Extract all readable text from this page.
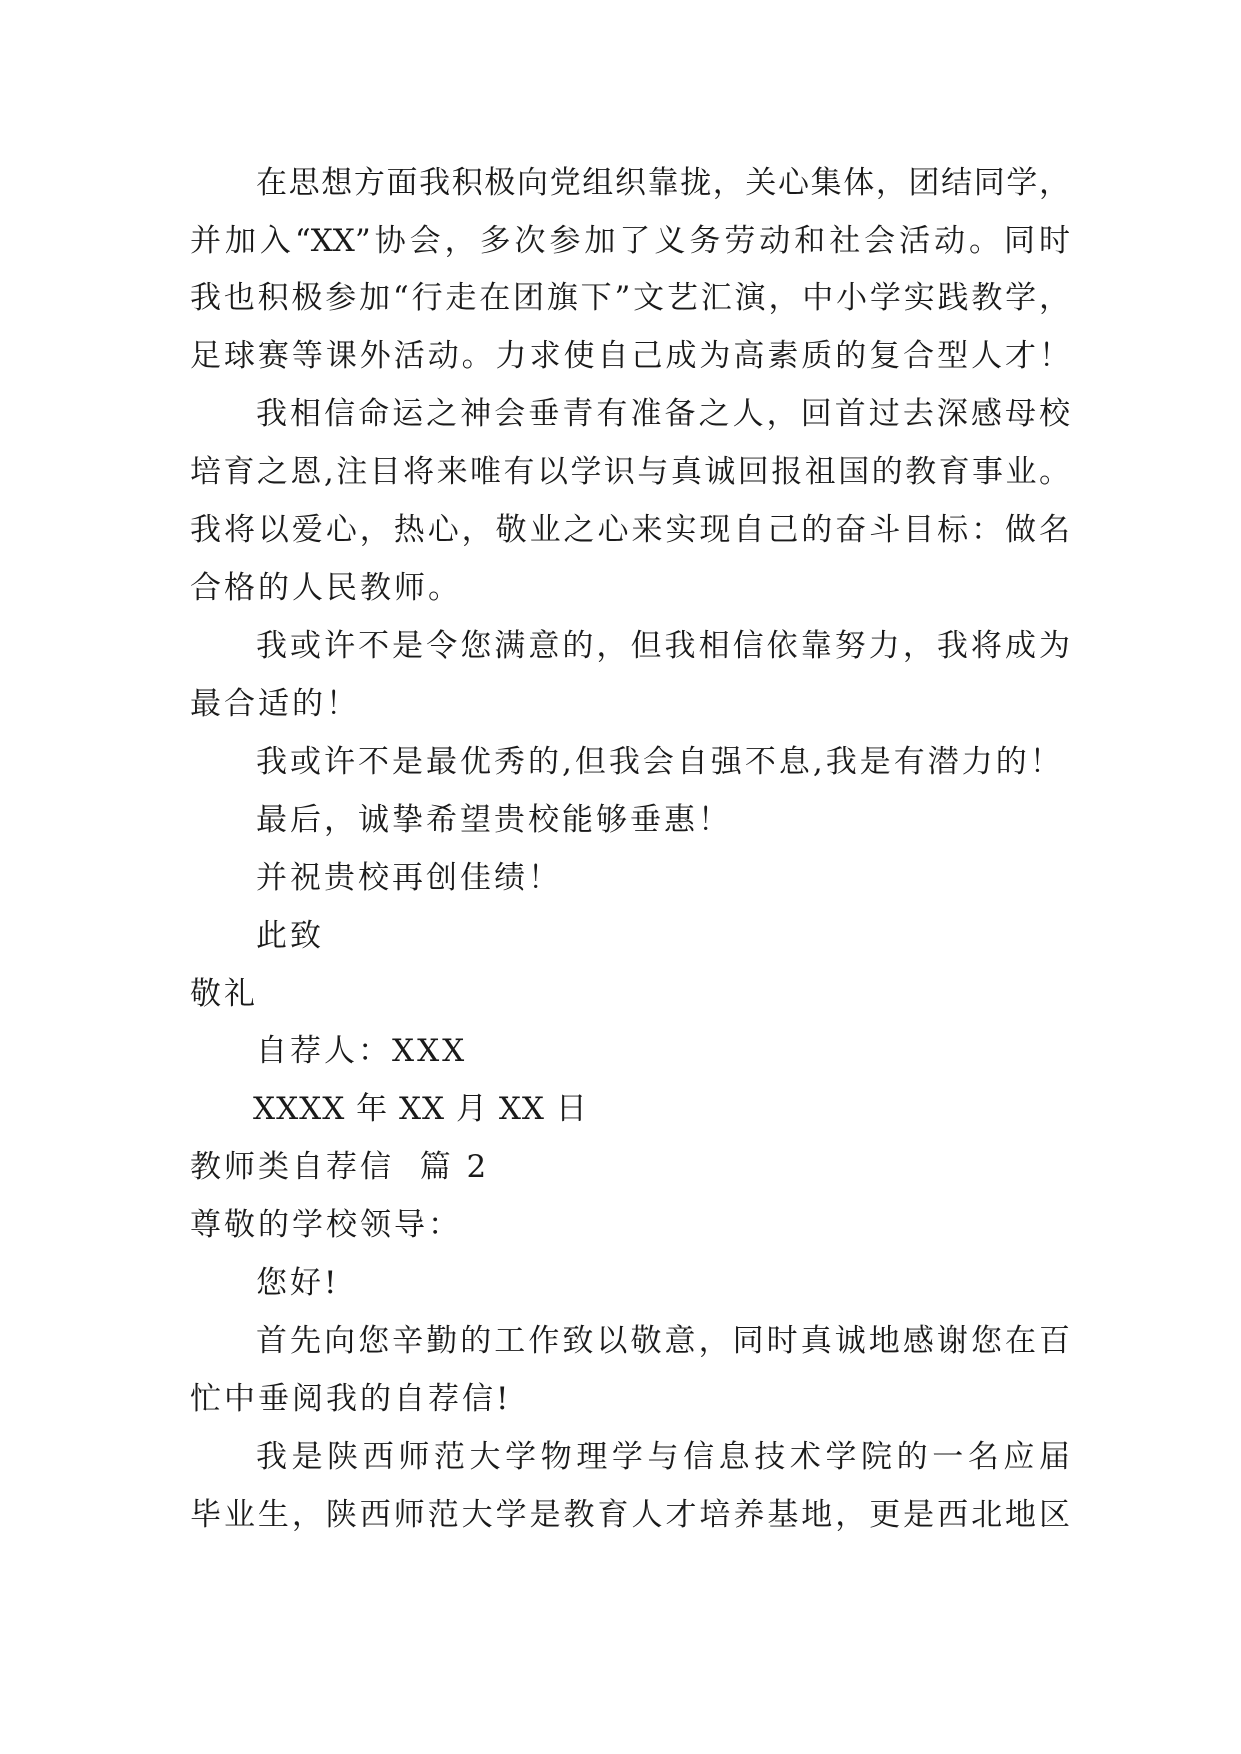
在思想方面我积极向党组织靠拢，关心集体，团结同学，
并加入“XX”协会，多次参加了义务劳动和社会活动。同时
我也积极参加“行走在团旗下”文艺汇演，中小学实践教学，
足球赛等课外活动。力求使自己成为高素质的复合型人才！
我相信命运之神会垂青有准备之人，回首过去深感母校
培育之恩,注目将来唯有以学识与真诚回报祖国的教育事业。
我将以爱心，热心，敬业之心来实现自己的奋斗目标：做名
合格的人民教师。
我或许不是令您满意的，但我相信依靠努力，我将成为
最合适的！
我或许不是最优秀的,但我会自强不息,我是有潜力的！
最后，诚挚希望贵校能够垂惠！
并祝贵校再创佳绩！
此致
敬礼
自荐人：XXX
XXXX 年 XX 月 XX 日
教师类自荐信  篇 2
尊敬的学校领导：
您好!
首先向您辛勤的工作致以敬意，同时真诚地感谢您在百
忙中垂阅我的自荐信!
我是陕西师范大学物理学与信息技术学院的一名应届
毕业生，陕西师范大学是教育人才培养基地，更是西北地区
